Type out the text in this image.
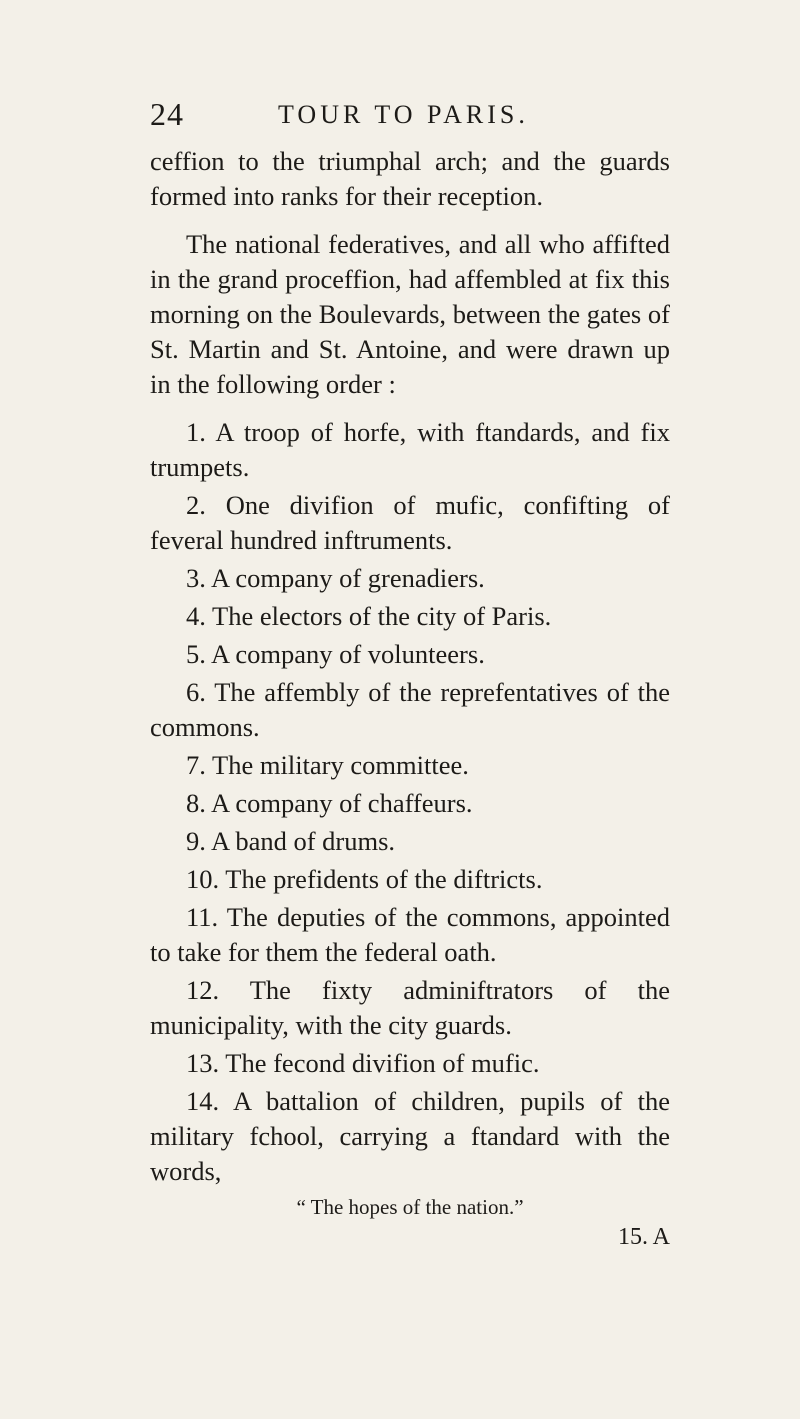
24	TOUR TO PARIS.

ceffion to the triumphal arch; and the guards formed into ranks for their reception.

The national federatives, and all who affifted in the grand proceffion, had affembled at fix this morning on the Boulevards, between the gates of St. Martin and St. Antoine, and were drawn up in the following order :

1. A troop of horfe, with ftandards, and fix trumpets.

2. One divifion of mufic, confifting of feveral hundred inftruments.

3. A company of grenadiers.

4. The electors of the city of Paris.

5. A company of volunteers.

6. The affembly of the reprefentatives of the commons.

7. The military committee.

8. A company of chaffeurs.

9. A band of drums.

10. The prefidents of the diftricts.

11. The deputies of the commons, appointed to take for them the federal oath.

12. The fixty adminiftrators of the municipality, with the city guards.

13. The fecond divifion of mufic.

14. A battalion of children, pupils of the military fchool, carrying a ftandard with the words,

“ The hopes of the nation.”

15. A
